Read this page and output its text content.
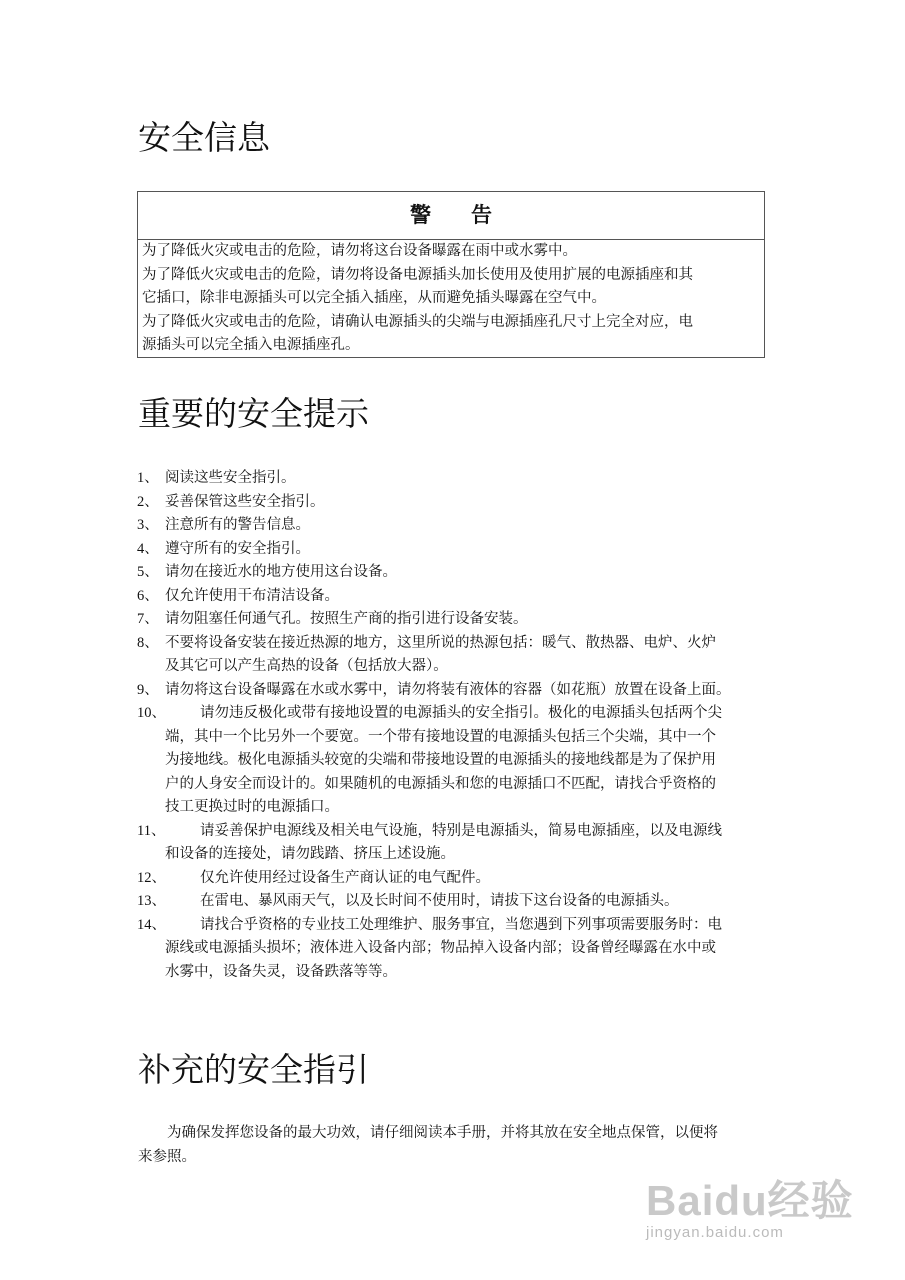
安全信息
警告
为了降低火灾或电击的危险，请勿将这台设备曝露在雨中或水雾中。
为了降低火灾或电击的危险，请勿将设备电源插头加长使用及使用扩展的电源插座和其
它插口，除非电源插头可以完全插入插座，从而避免插头曝露在空气中。
为了降低火灾或电击的危险，请确认电源插头的尖端与电源插座孔尺寸上完全对应，电
源插头可以完全插入电源插座孔。
重要的安全提示
1、 阅读这些安全指引。
2、 妥善保管这些安全指引。
3、 注意所有的警告信息。
4、 遵守所有的安全指引。
5、 请勿在接近水的地方使用这台设备。
6、 仅允许使用干布清洁设备。
7、 请勿阻塞任何通气孔。按照生产商的指引进行设备安装。
8、 不要将设备安装在接近热源的地方，这里所说的热源包括：暖气、散热器、电炉、火炉
及其它可以产生高热的设备（包括放大器）。
9、 请勿将这台设备曝露在水或水雾中，请勿将装有液体的容器（如花瓶）放置在设备上面。
10、	请勿违反极化或带有接地设置的电源插头的安全指引。极化的电源插头包括两个尖
端，其中一个比另外一个要宽。一个带有接地设置的电源插头包括三个尖端，其中一个
为接地线。极化电源插头较宽的尖端和带接地设置的电源插头的接地线都是为了保护用
户的人身安全而设计的。如果随机的电源插头和您的电源插口不匹配，请找合乎资格的
技工更换过时的电源插口。
11、	请妥善保护电源线及相关电气设施，特别是电源插头，简易电源插座，以及电源线
和设备的连接处，请勿践踏、挤压上述设施。
12、	仅允许使用经过设备生产商认证的电气配件。
13、	在雷电、暴风雨天气，以及长时间不使用时，请拔下这台设备的电源插头。
14、	请找合乎资格的专业技工处理维护、服务事宜，当您遇到下列事项需要服务时：电
源线或电源插头损坏；液体进入设备内部；物品掉入设备内部；设备曾经曝露在水中或
水雾中，设备失灵，设备跌落等等。
补充的安全指引
　　为确保发挥您设备的最大功效，请仔细阅读本手册，并将其放在安全地点保管，以便将
来参照。
Baidu经验
jingyan.baidu.com
